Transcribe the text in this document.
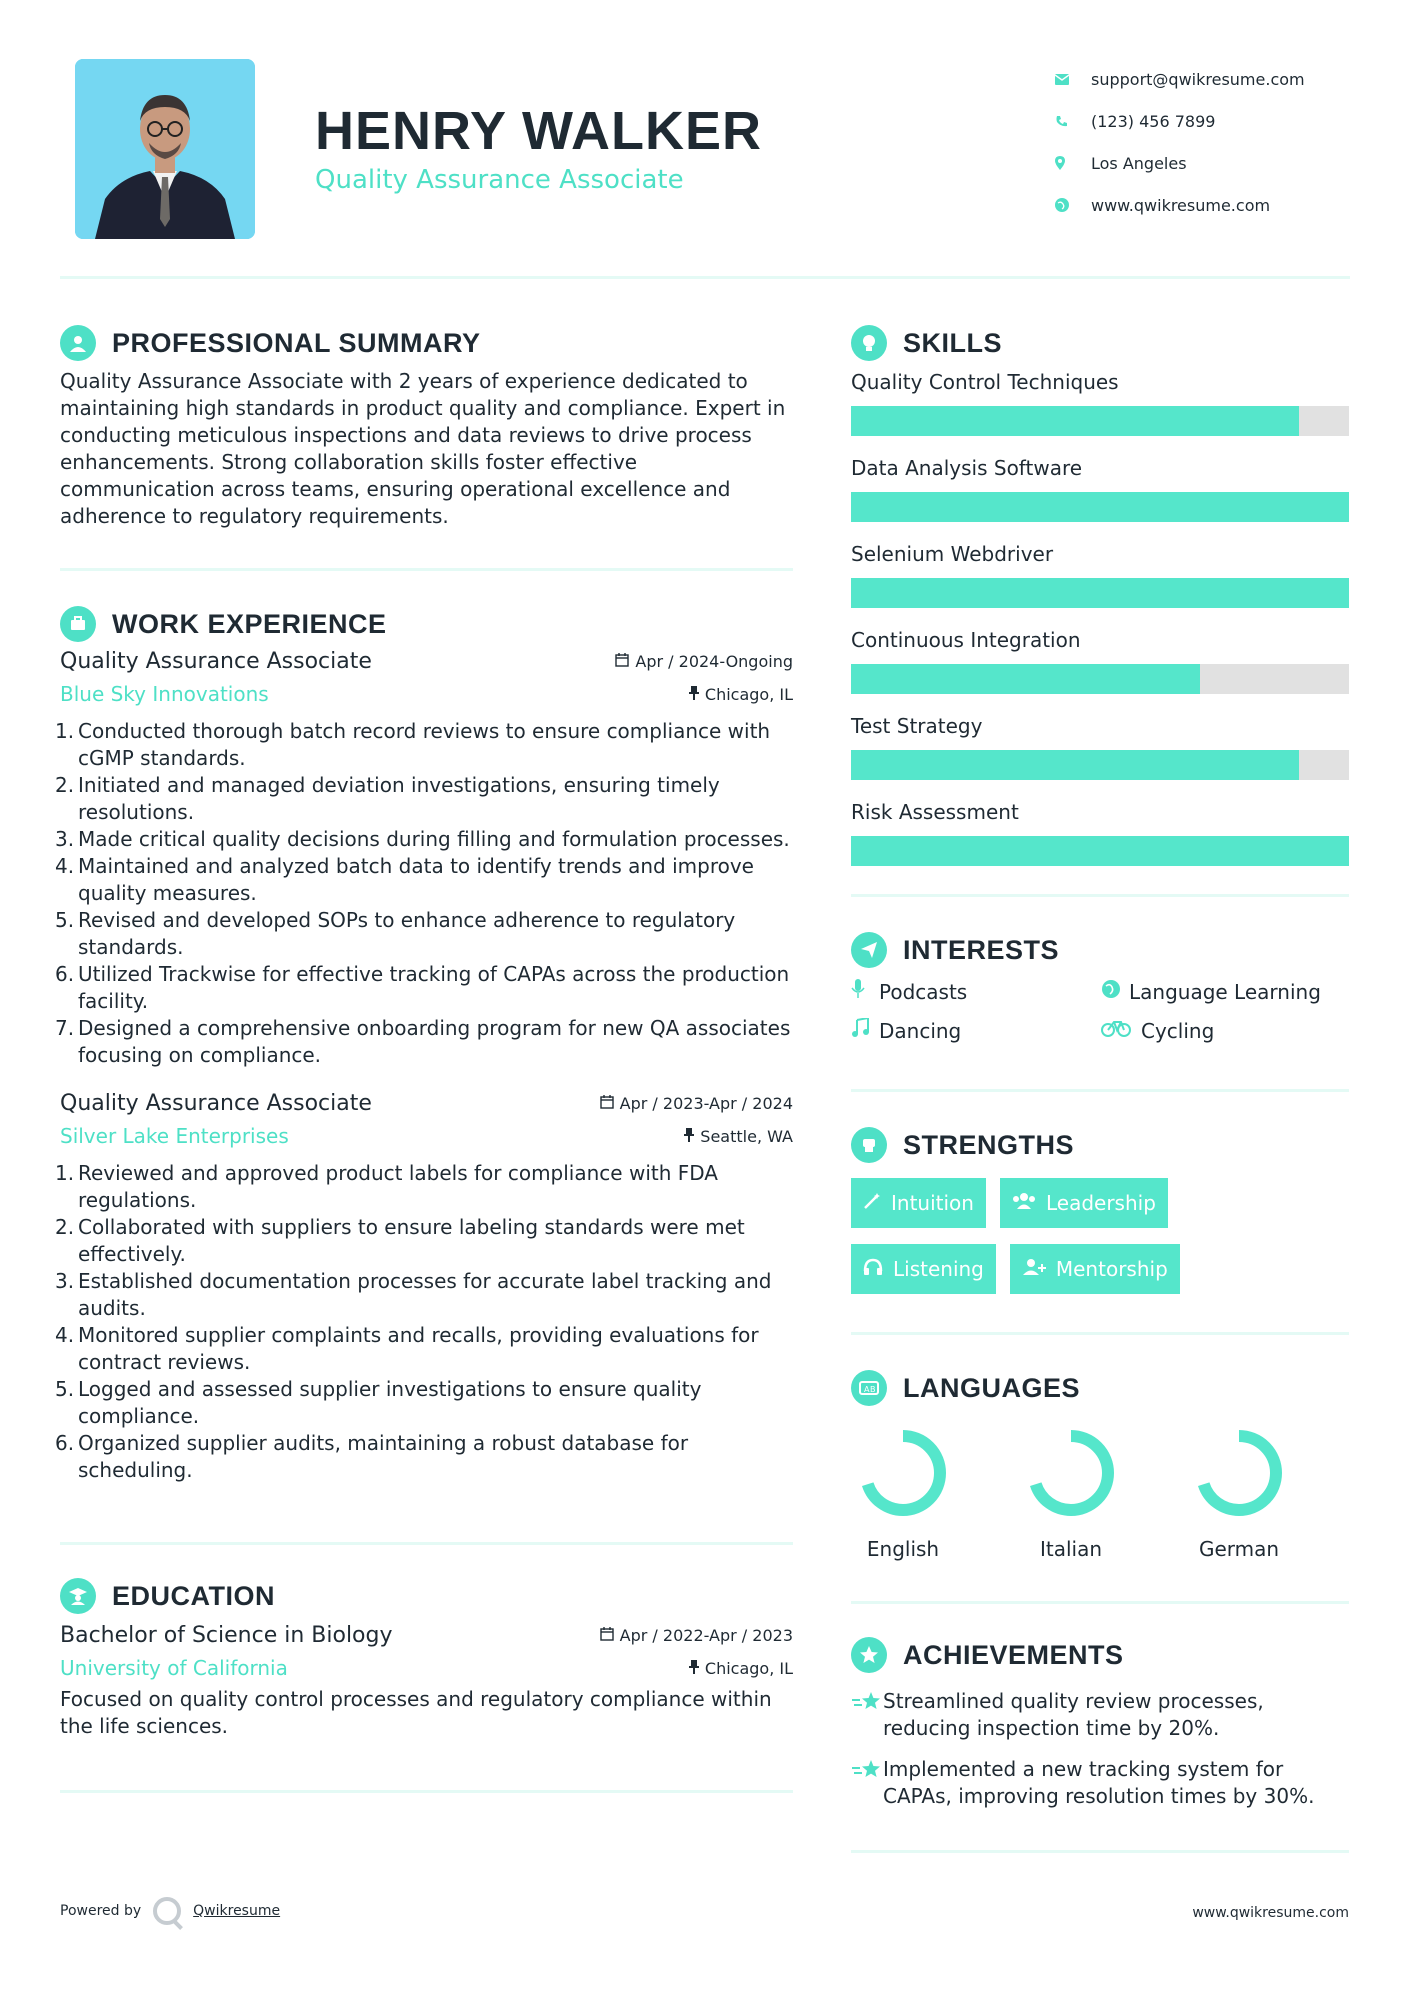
HENRY WALKER
Quality Assurance Associate
support@qwikresume.com
(123) 456 7899
Los Angeles
www.qwikresume.com
PROFESSIONAL SUMMARY

Quality Assurance Associate with 2 years of experience dedicated to maintaining high standards in product quality and compliance. Expert in conducting meticulous inspections and data reviews to drive process enhancements. Strong collaboration skills foster effective communication across teams, ensuring operational excellence and adherence to regulatory requirements.

WORK EXPERIENCE
Quality Assurance Associate	Apr / 2024-Ongoing
Blue Sky Innovations	Chicago, IL
Conducted thorough batch record reviews to ensure compliance with cGMP standards.
Initiated and managed deviation investigations, ensuring timely resolutions.
Made critical quality decisions during filling and formulation processes.
Maintained and analyzed batch data to identify trends and improve quality measures.
Revised and developed SOPs to enhance adherence to regulatory standards.
Utilized Trackwise for effective tracking of CAPAs across the production facility.
Designed a comprehensive onboarding program for new QA associates focusing on compliance.
Quality Assurance Associate	Apr / 2023-Apr / 2024
Silver Lake Enterprises	Seattle, WA
Reviewed and approved product labels for compliance with FDA regulations.
Collaborated with suppliers to ensure labeling standards were met effectively.
Established documentation processes for accurate label tracking and audits.
Monitored supplier complaints and recalls, providing evaluations for contract reviews.
Logged and assessed supplier investigations to ensure quality compliance.
Organized supplier audits, maintaining a robust database for scheduling.
EDUCATION
Bachelor of Science in Biology	Apr / 2022-Apr / 2023
University of California	Chicago, IL

Focused on quality control processes and regulatory compliance within the life sciences.

SKILLS
Quality Control Techniques
Data Analysis Software
Selenium Webdriver
Continuous Integration
Test Strategy
Risk Assessment
INTERESTS
Podcasts	Language Learning
Dancing	Cycling
STRENGTHS
Intuition	Leadership
Listening	Mentorship
A B LANGUAGES
English	Italian	German
ACHIEVEMENTS
Streamlined quality review processes, reducing inspection time by 20%.
Implemented a new tracking system for CAPAs, improving resolution times by 30%.
Powered by	Qwikresume	www.qwikresume.com
